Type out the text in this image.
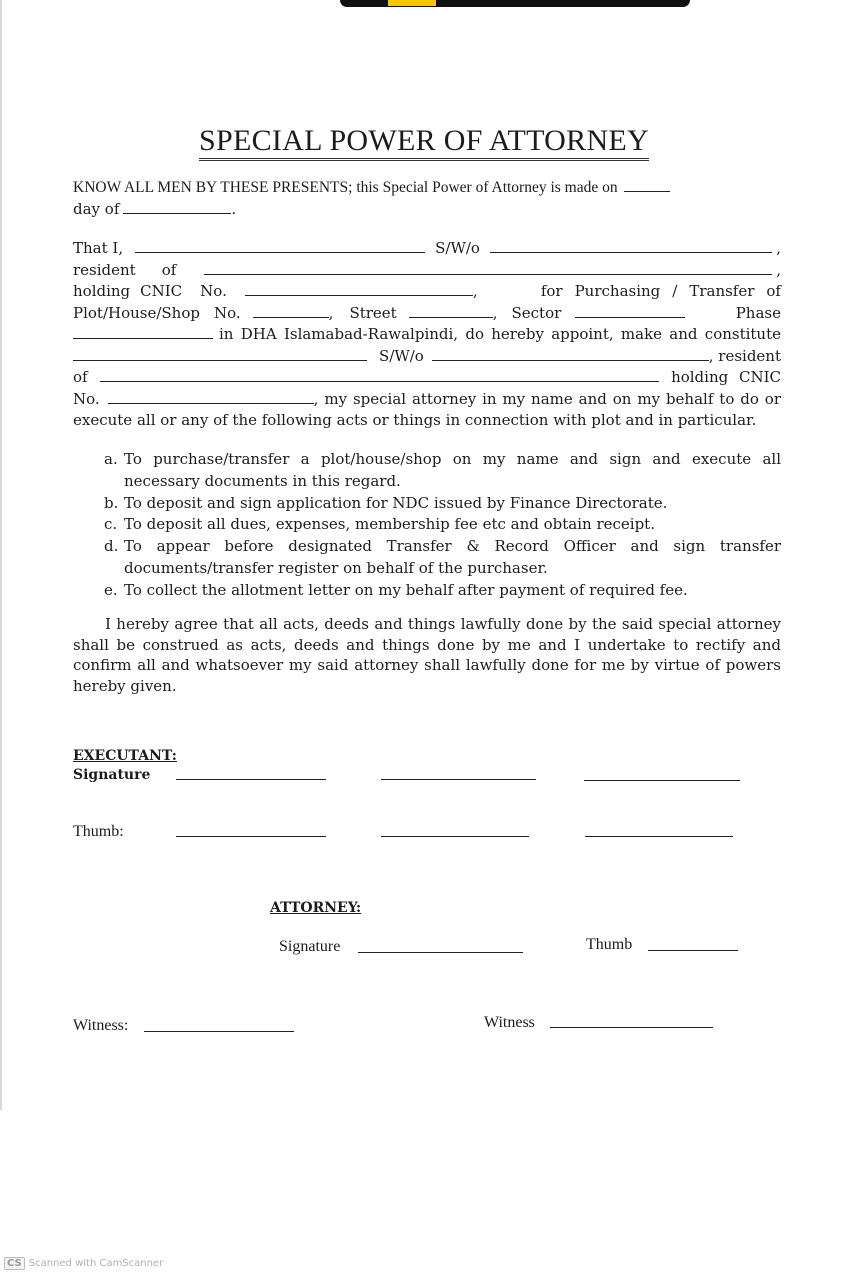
SPECIAL POWER OF ATTORNEY
KNOW ALL MEN BY THESE PRESENTS; this Special Power of Attorney is made on
day of	.
That I,	S/W/o	,
resident of	,
holding CNIC No.	,	for Purchasing / Transfer of
Plot/House/Shop No.	, Street	, Sector	Phase
in DHA Islamabad-Rawalpindi, do hereby appoint, make and constitute
S/W/o	, resident
of	holding CNIC
No.	, my special attorney in my name and on my behalf to do or
execute all or any of the following acts or things in connection with plot and in particular.
a. To purchase/transfer a plot/house/shop on my name and sign and execute all necessary documents in this regard.
b. To deposit and sign application for NDC issued by Finance Directorate.
c. To deposit all dues, expenses, membership fee etc and obtain receipt.
d. To appear before designated Transfer & Record Officer and sign transfer documents/transfer register on behalf of the purchaser.
e. To collect the allotment letter on my behalf after payment of required fee.
I hereby agree that all acts, deeds and things lawfully done by the said special attorney shall be construed as acts, deeds and things done by me and I undertake to rectify and confirm all and whatsoever my said attorney shall lawfully done for me by virtue of powers hereby given.
EXECUTANT:
Signature
Thumb:
ATTORNEY:
Signature	Thumb
Witness:	Witness
CS Scanned with CamScanner
